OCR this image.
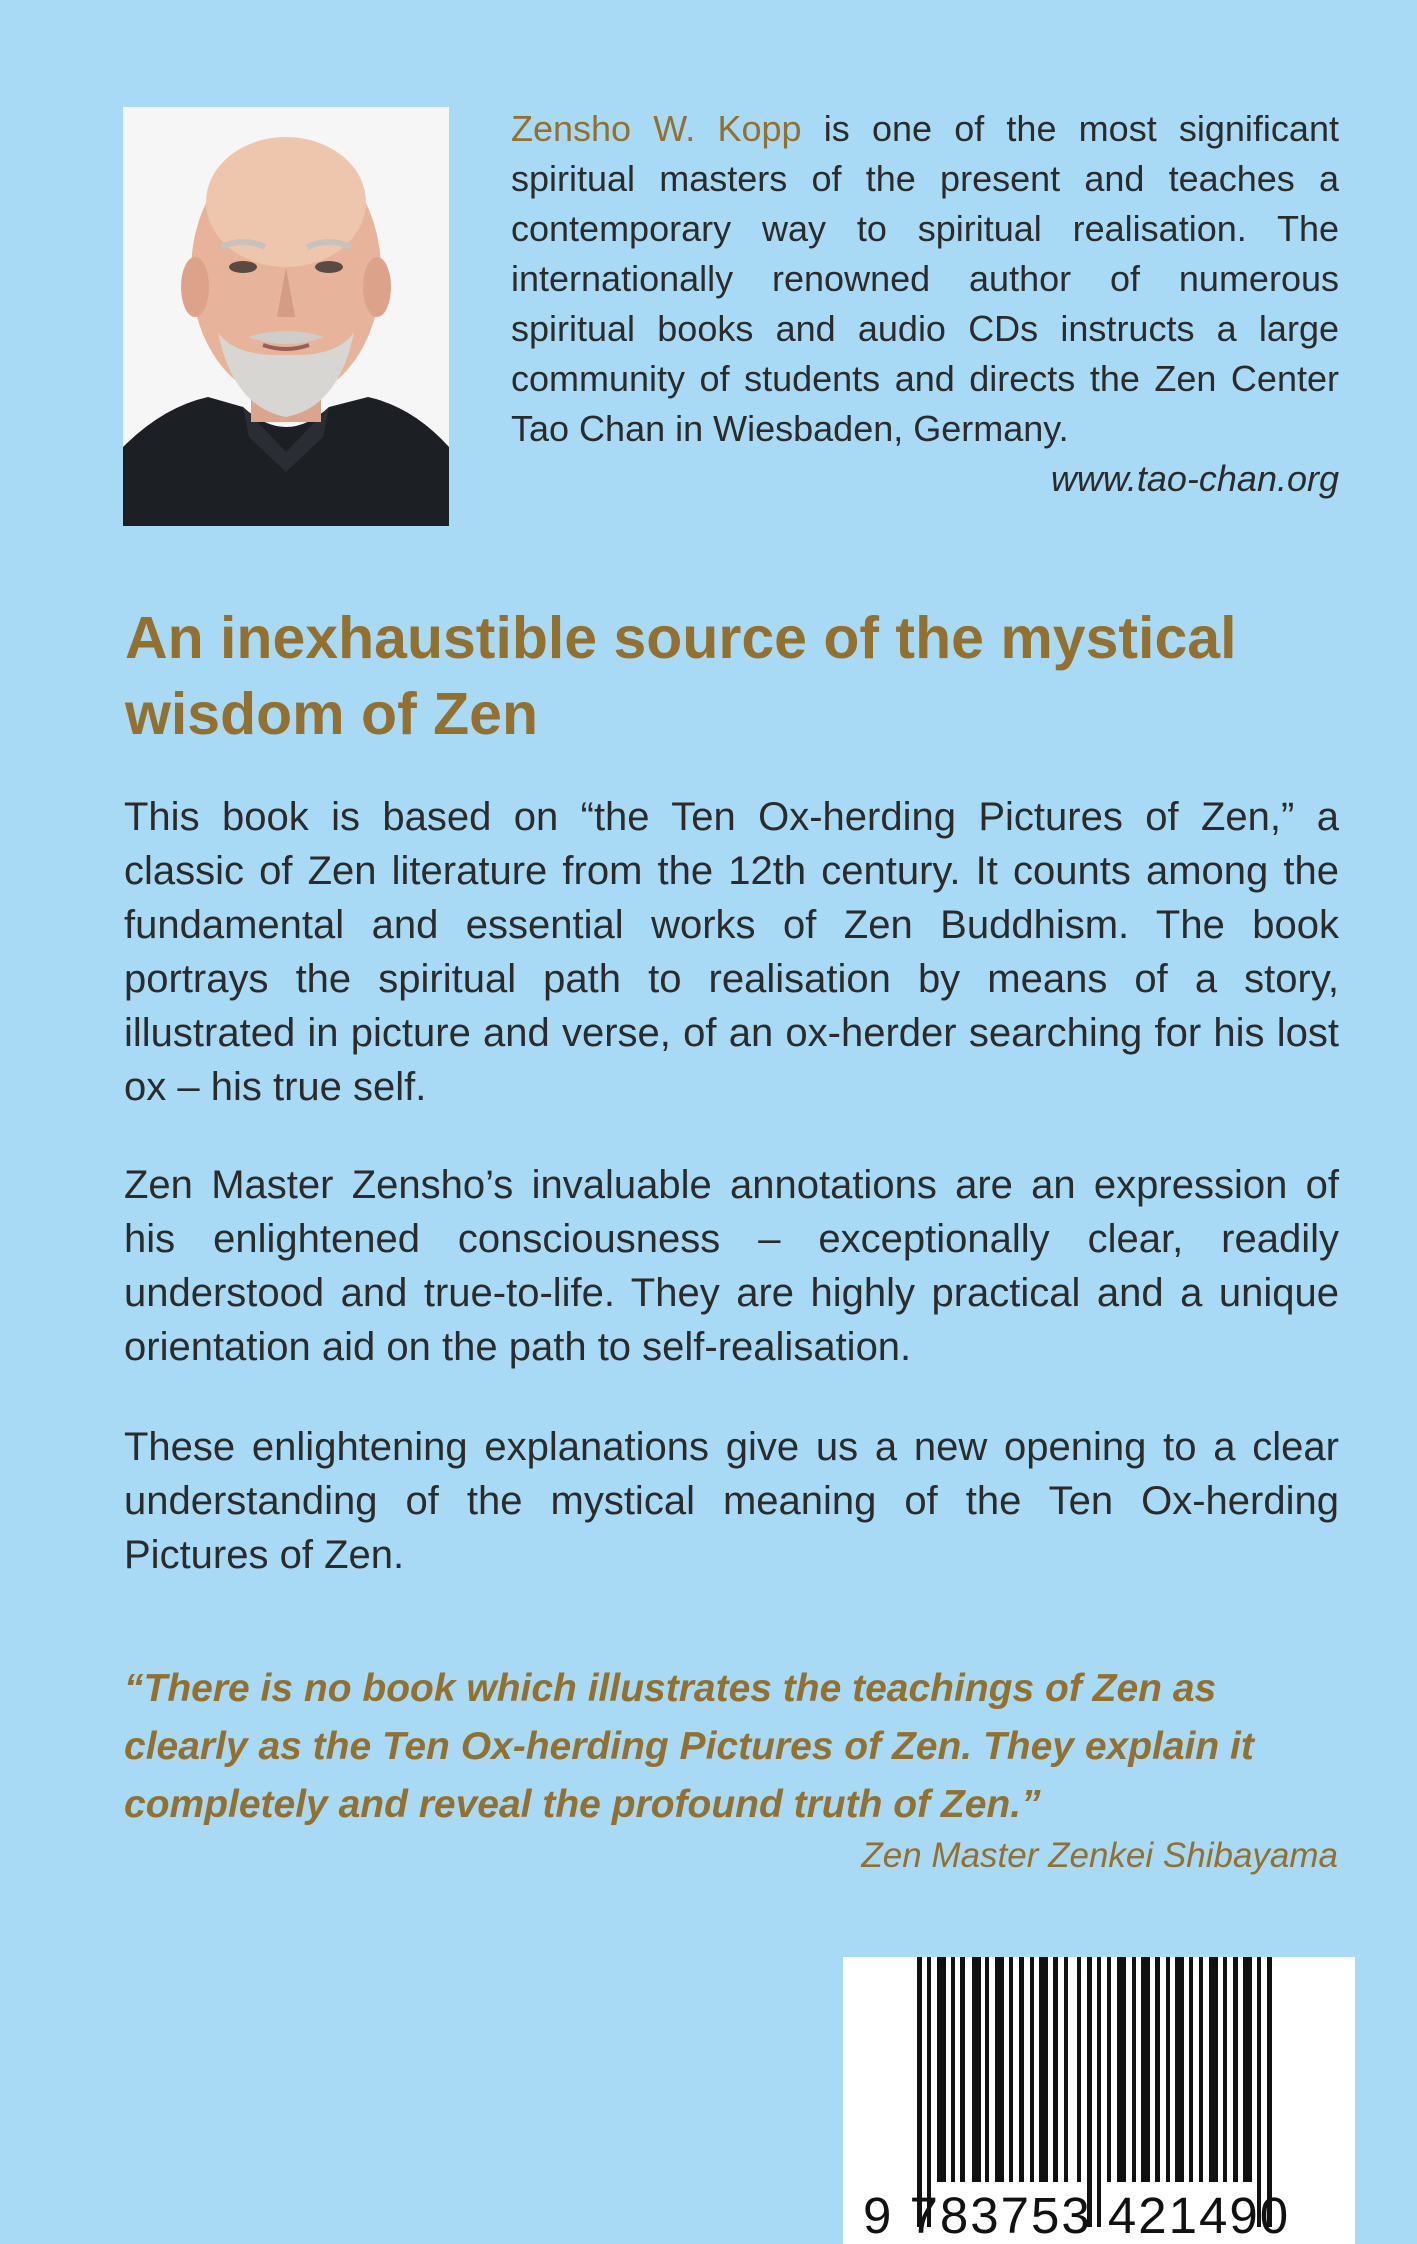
Zensho W. Kopp is one of the most significant spiritual masters of the present and teaches a contemporary way to spiritual realisation. The internationally renowned author of numerous spiritual books and audio CDs instructs a large community of students and directs the Zen Center Tao Chan in Wiesbaden, Germany.
www.tao-chan.org
An inexhaustible source of the mystical wisdom of Zen

This book is based on “the Ten Ox-herding Pictures of Zen,” a classic of Zen literature from the 12th century. It counts among the fundamental and essential works of Zen Buddhism. The book portrays the spiritual path to realisation by means of a story, illustrated in picture and verse, of an ox-herder searching for his lost ox – his true self.

Zen Master Zensho’s invaluable annotations are an expression of his enlightened consciousness – exceptionally clear, readily understood and true-to-life. They are highly practical and a unique orientation aid on the path to self-realisation.

These enlightening explanations give us a new opening to a clear understanding of the mystical meaning of the Ten Ox-herding Pictures of Zen.

“There is no book which illustrates the teachings of Zen as clearly as the Ten Ox-herding Pictures of Zen. They explain it completely and reveal the profound truth of Zen.”

Zen Master Zenkei Shibayama
9 783753 421490
